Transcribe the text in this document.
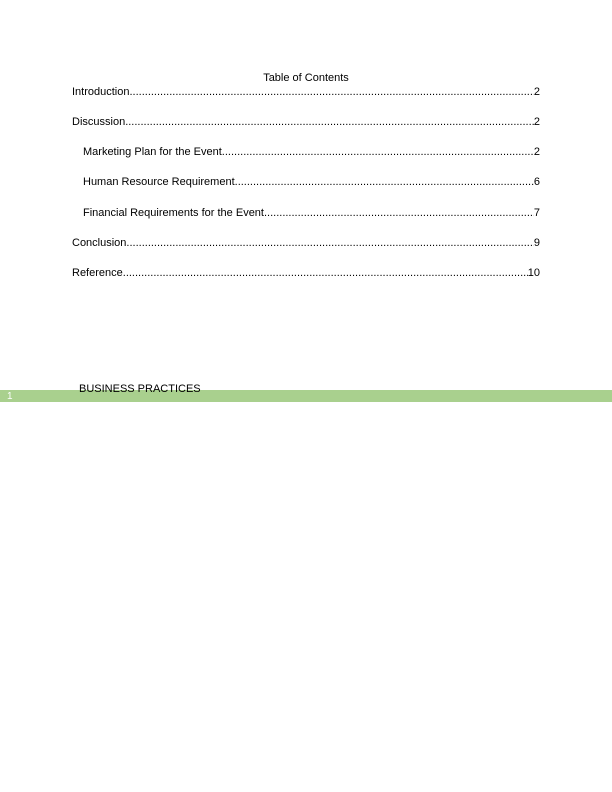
Table of Contents
Introduction .....	2
Discussion .....	2
Marketing Plan for the Event .....	2
Human Resource Requirement .....	6
Financial Requirements for the Event .....	7
Conclusion .....	9
Reference .....	10
1
BUSINESS PRACTICES
